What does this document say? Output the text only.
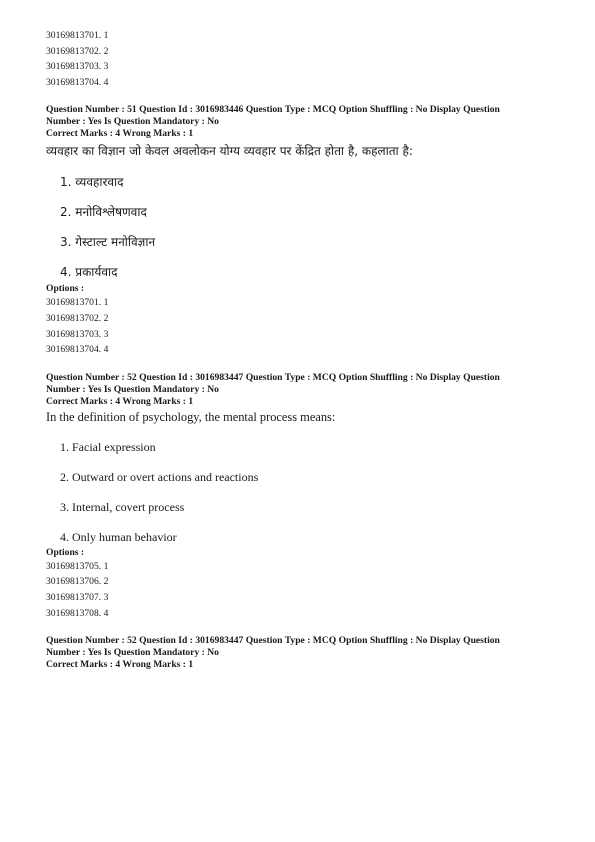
30169813701. 1
30169813702. 2
30169813703. 3
30169813704. 4
Question Number : 51 Question Id : 3016983446 Question Type : MCQ Option Shuffling : No Display Question
Number : Yes Is Question Mandatory : No
Correct Marks : 4 Wrong Marks : 1
व्यवहार का विज्ञान जो केवल अवलोकन योग्य व्यवहार पर केंद्रित होता है, कहलाता है:
1. व्यवहारवाद
2. मनोविश्लेषणवाद
3. गेस्टाल्ट मनोविज्ञान
4. प्रकार्यवाद
Options :
30169813701. 1
30169813702. 2
30169813703. 3
30169813704. 4
Question Number : 52 Question Id : 3016983447 Question Type : MCQ Option Shuffling : No Display Question
Number : Yes Is Question Mandatory : No
Correct Marks : 4 Wrong Marks : 1
In the definition of psychology, the mental process means:
1. Facial expression
2. Outward or overt actions and reactions
3. Internal, covert process
4. Only human behavior
Options :
30169813705. 1
30169813706. 2
30169813707. 3
30169813708. 4
Question Number : 52 Question Id : 3016983447 Question Type : MCQ Option Shuffling : No Display Question
Number : Yes Is Question Mandatory : No
Correct Marks : 4 Wrong Marks : 1
